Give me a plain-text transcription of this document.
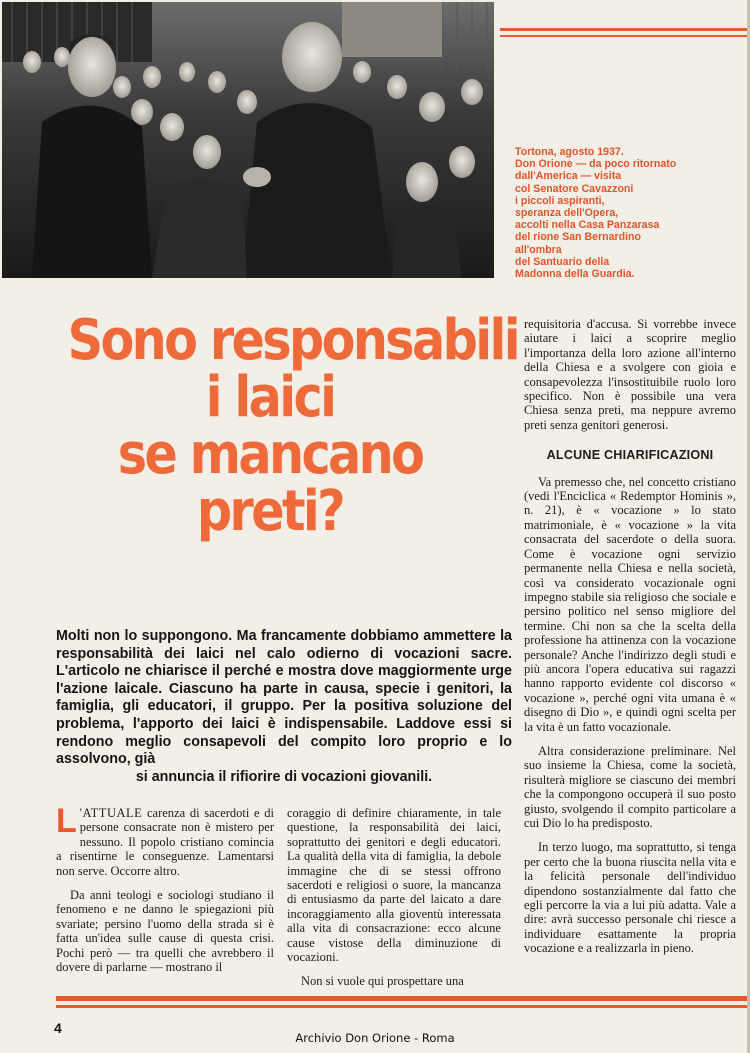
Tortona, agosto 1937.
Don Orione — da poco ritornato
dall'America — visita
col Senatore Cavazzoni
i piccoli aspiranti,
speranza dell'Opera,
accolti nella Casa Panzarasa
del rione San Bernardino
all'ombra
del Santuario della
Madonna della Guardia.
Sono responsabili
i laici
se mancano
preti?
Molti non lo suppongono. Ma francamente dobbiamo ammettere la responsabilità dei laici nel calo odierno di vocazioni sacre. L'articolo ne chiarisce il perché e mostra dove maggiormente urge l'azione laicale. Ciascuno ha parte in causa, specie i genitori, la famiglia, gli educatori, il gruppo. Per la positiva soluzione del problema, l'apporto dei laici è indispensabile. Laddove essi si rendono meglio consapevoli del compito loro proprio e lo assolvono, già
si annuncia il rifiorire di vocazioni giovanili.

L 'ATTUALE carenza di sacerdoti e di persone consacrate non è mistero per nessuno. Il popolo cristiano comincia a risentirne le conseguenze. Lamentarsi non serve. Occorre altro.

Da anni teologi e sociologi studiano il fenomeno e ne danno le spiegazioni più svariate; persino l'uomo della strada si è fatta un'idea sulle cause di questa crisi. Pochi però — tra quelli che avrebbero il dovere di parlarne — mostrano il

coraggio di definire chiaramente, in tale questione, la responsabilità dei laici, soprattutto dei genitori e degli educatori. La qualità della vita di famiglia, la debole immagine che di se stessi offrono sacerdoti e religiosi o suore, la mancanza di entusiasmo da parte del laicato a dare incoraggiamento alla gioventù interessata alla vita di consacrazione: ecco alcune cause vistose della diminuzione di vocazioni.

Non si vuole qui prospettare una

requisitoria d'accusa. Si vorrebbe invece aiutare i laici a scoprire meglio l'importanza della loro azione all'interno della Chiesa e a svolgere con gioia e consapevolezza l'insostituibile ruolo loro specifico. Non è possibile una vera Chiesa senza preti, ma neppure avremo preti senza genitori generosi.

ALCUNE CHIARIFICAZIONI

Va premesso che, nel concetto cristiano (vedi l'Enciclica « Redemptor Hominis », n. 21), è « vocazione » lo stato matrimoniale, è « vocazione » la vita consacrata del sacerdote o della suora. Come è vocazione ogni servizio permanente nella Chiesa e nella società, così va considerato vocazionale ogni impegno stabile sia religioso che sociale e persino politico nel senso migliore del termine. Chi non sa che la scelta della professione ha attinenza con la vocazione personale? Anche l'indirizzo degli studi e più ancora l'opera educativa sui ragazzi hanno rapporto evidente col discorso « vocazione », perché ogni vita umana è « disegno di Dio », e quindi ogni scelta per la vita è un fatto vocazionale.

Altra considerazione preliminare. Nel suo insieme la Chiesa, come la società, risulterà migliore se ciascuno dei membri che la compongono occuperà il suo posto giusto, svolgendo il compito particolare a cui Dio lo ha predisposto.

In terzo luogo, ma soprattutto, si tenga per certo che la buona riuscita nella vita e la felicità personale dell'individuo dipendono sostanzialmente dal fatto che egli percorre la via a lui più adatta. Vale a dire: avrà successo personale chi riesce a individuare esattamente la propria vocazione e a realizzarla in pieno.

4
Archivio Don Orione - Roma
